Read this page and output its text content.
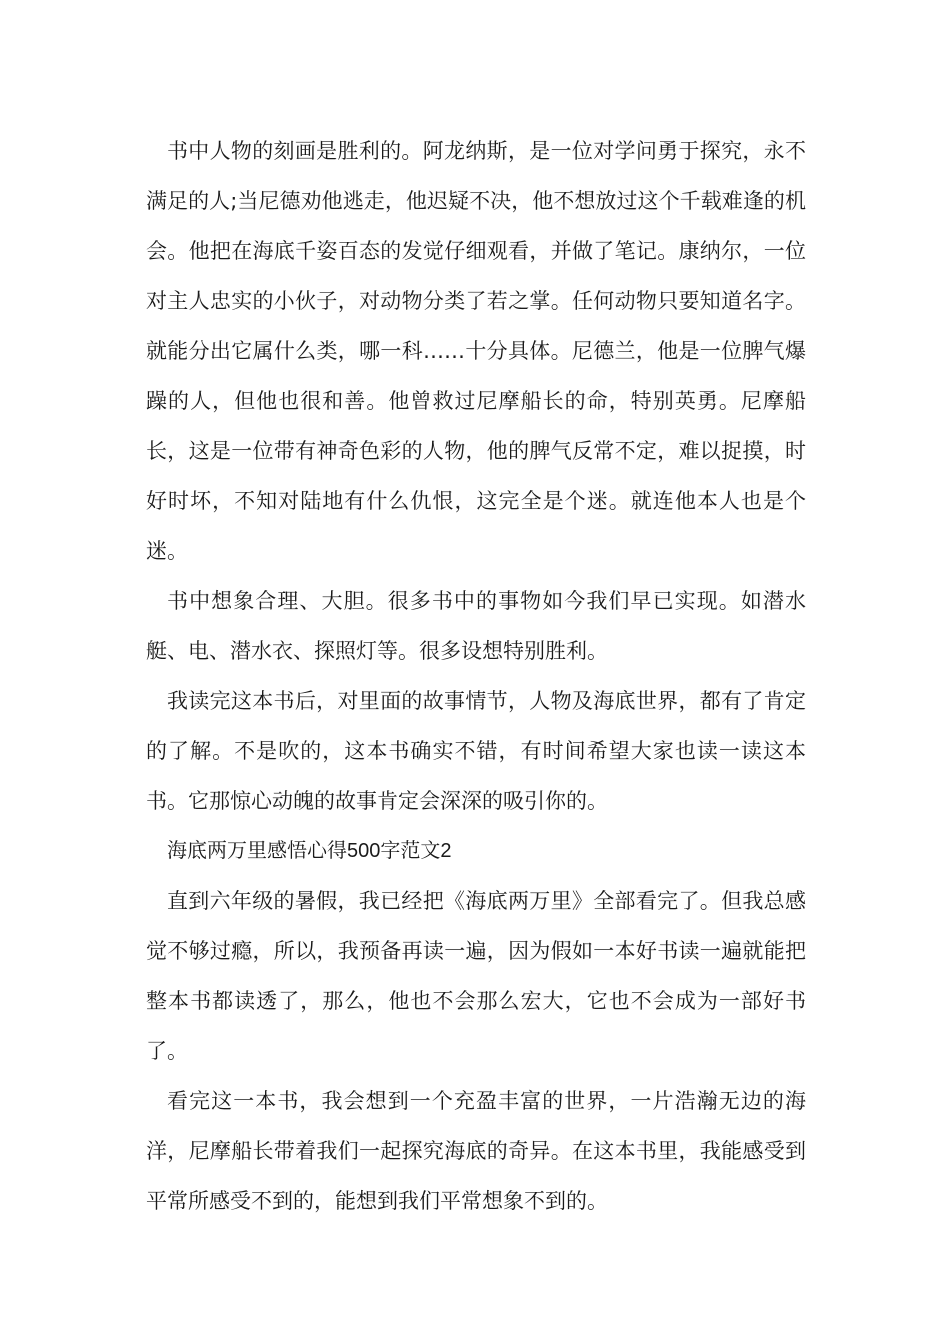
书中人物的刻画是胜利的。阿龙纳斯，是一位对学问勇于探究，永不满足的人;当尼德劝他逃走，他迟疑不决，他不想放过这个千载难逢的机会。他把在海底千姿百态的发觉仔细观看，并做了笔记。康纳尔，一位对主人忠实的小伙子，对动物分类了若之掌。任何动物只要知道名字。就能分出它属什么类，哪一科……十分具体。尼德兰，他是一位脾气爆躁的人，但他也很和善。他曾救过尼摩船长的命，特别英勇。尼摩船长，这是一位带有神奇色彩的人物，他的脾气反常不定，难以捉摸，时好时坏，不知对陆地有什么仇恨，这完全是个迷。就连他本人也是个迷。

书中想象合理、大胆。很多书中的事物如今我们早已实现。如潜水艇、电、潜水衣、探照灯等。很多设想特别胜利。

我读完这本书后，对里面的故事情节，人物及海底世界，都有了肯定的了解。不是吹的，这本书确实不错，有时间希望大家也读一读这本书。它那惊心动魄的故事肯定会深深的吸引你的。

海底两万里感悟心得500字范文2

直到六年级的暑假，我已经把《海底两万里》全部看完了。但我总感觉不够过瘾，所以，我预备再读一遍，因为假如一本好书读一遍就能把整本书都读透了，那么，他也不会那么宏大，它也不会成为一部好书了。

看完这一本书，我会想到一个充盈丰富的世界，一片浩瀚无边的海洋，尼摩船长带着我们一起探究海底的奇异。在这本书里，我能感受到平常所感受不到的，能想到我们平常想象不到的。
